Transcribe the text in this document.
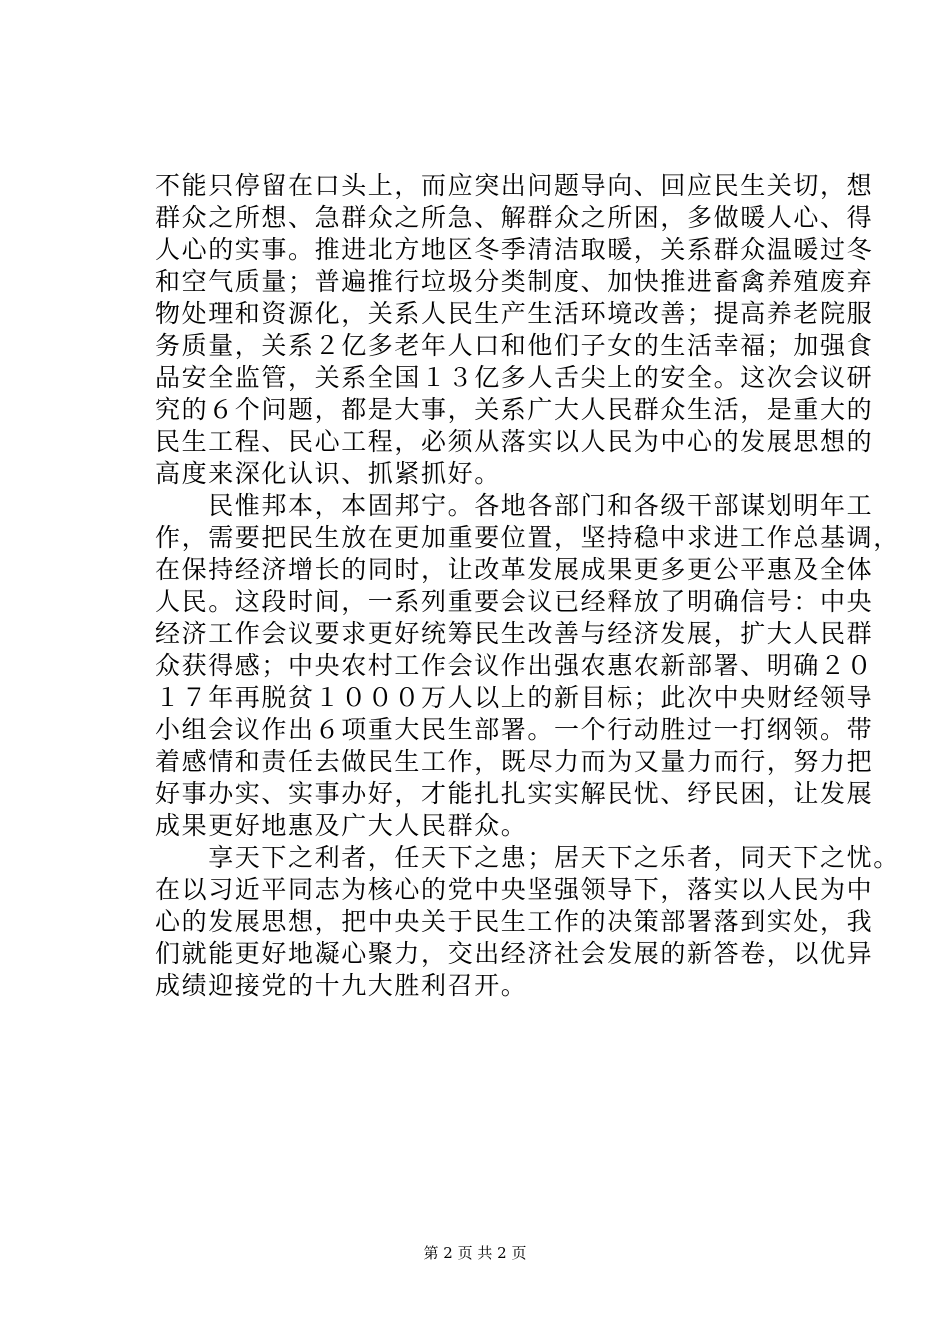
不能只停留在口头上，而应突出问题导向、回应民生关切，想
群众之所想、急群众之所急、解群众之所困，多做暖人心、得
人心的实事。推进北方地区冬季清洁取暖，关系群众温暖过冬
和空气质量；普遍推行垃圾分类制度、加快推进畜禽养殖废弃
物处理和资源化，关系人民生产生活环境改善；提高养老院服
务质量，关系２亿多老年人口和他们子女的生活幸福；加强食
品安全监管，关系全国１３亿多人舌尖上的安全。这次会议研
究的６个问题，都是大事，关系广大人民群众生活，是重大的
民生工程、民心工程，必须从落实以人民为中心的发展思想的
高度来深化认识、抓紧抓好。
　　民惟邦本，本固邦宁。各地各部门和各级干部谋划明年工
作，需要把民生放在更加重要位置，坚持稳中求进工作总基调，
在保持经济增长的同时，让改革发展成果更多更公平惠及全体
人民。这段时间，一系列重要会议已经释放了明确信号：中央
经济工作会议要求更好统筹民生改善与经济发展，扩大人民群
众获得感；中央农村工作会议作出强农惠农新部署、明确２０
１７年再脱贫１０００万人以上的新目标；此次中央财经领导
小组会议作出６项重大民生部署。一个行动胜过一打纲领。带
着感情和责任去做民生工作，既尽力而为又量力而行，努力把
好事办实、实事办好，才能扎扎实实解民忧、纾民困，让发展
成果更好地惠及广大人民群众。
　　享天下之利者，任天下之患；居天下之乐者，同天下之忧。
在以习近平同志为核心的党中央坚强领导下，落实以人民为中
心的发展思想，把中央关于民生工作的决策部署落到实处，我
们就能更好地凝心聚力，交出经济社会发展的新答卷，以优异
成绩迎接党的十九大胜利召开。
第 2 页 共 2 页
